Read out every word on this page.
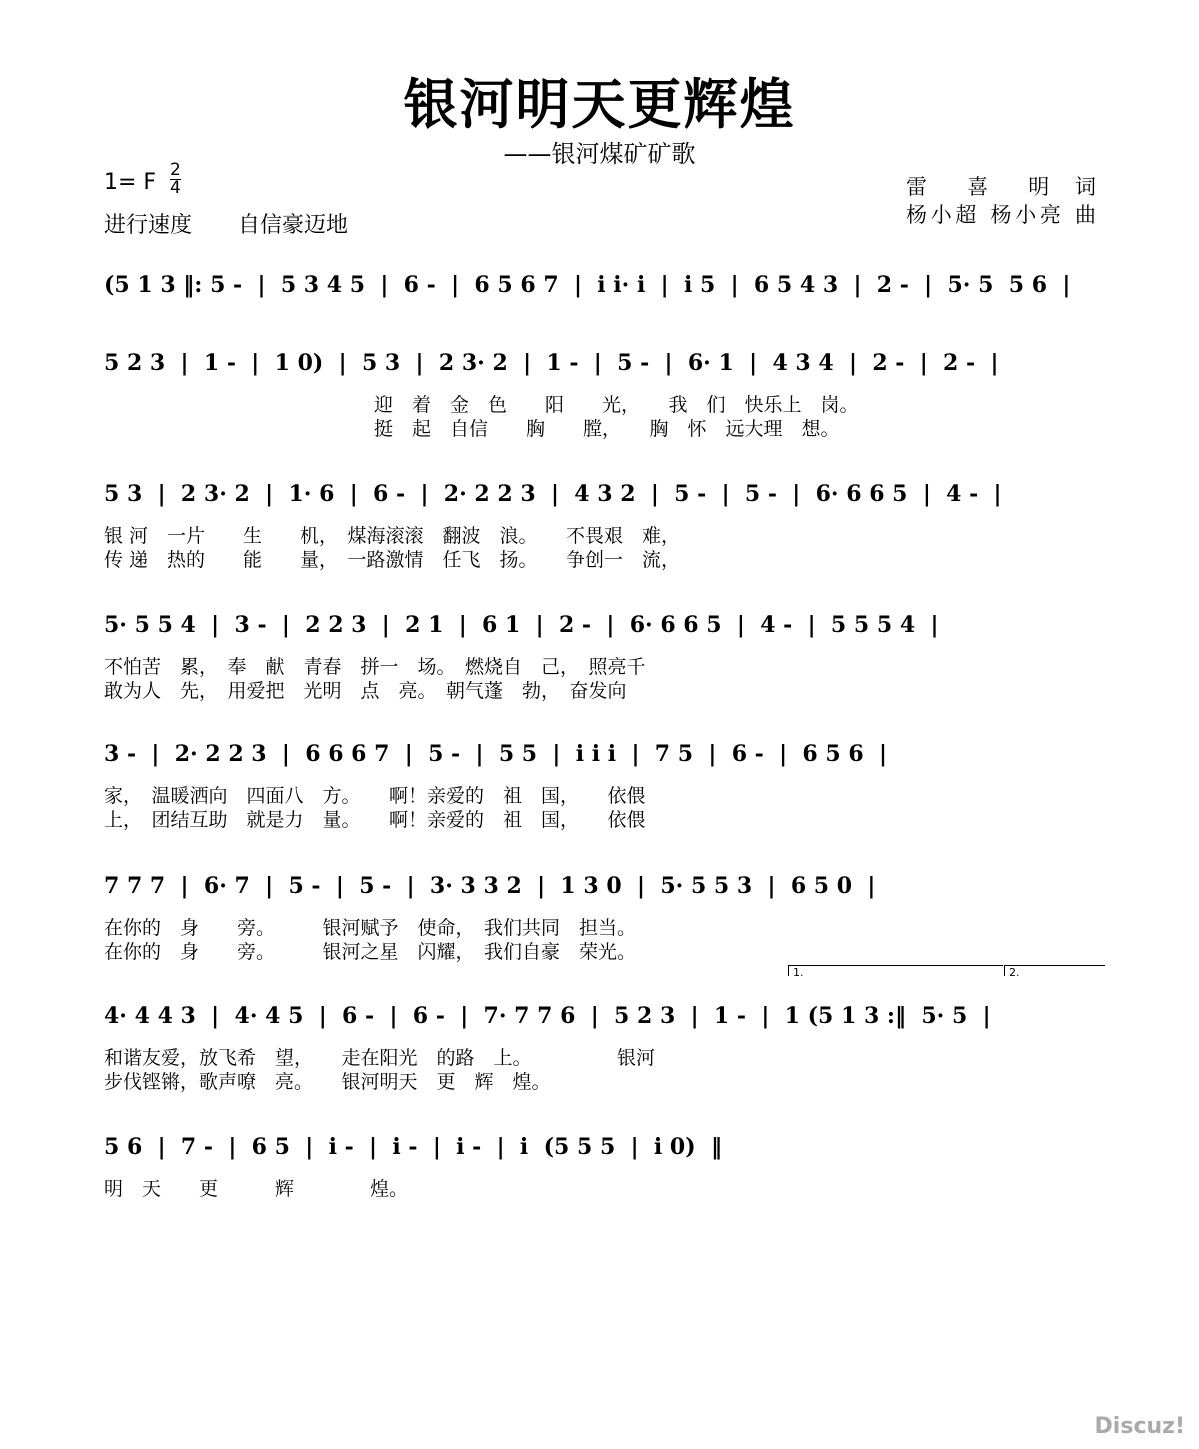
银河明天更辉煌
——银河煤矿矿歌
1= F 2
4
进行速度 自信豪迈地
雷　喜　明 词
杨小超 杨小亮 曲
(5 1 3 ‖: 5 -  |  5 3 4 5  |  6 -  |  6 5 6 7  |  i i· i  |  i 5  |  6 5 4 3  |  2 -  |  5· 5  5 6  |
5 2 3  |  1 -  |  1 0)  |  5 3  |  2 3· 2  |  1 -  |  5 -  |  6· 1  |  4 3 4  |  2 -  |  2 -  |
迎　着　金　色　　阳　　光，　　我　们　快乐上　岗。
挺　起　自信　　胸　　膛，　　胸　怀　远大理　想。
5 3  |  2 3· 2  |  1· 6  |  6 -  |  2· 2 2 3  |  4 3 2  |  5 -  |  5 -  |  6· 6 6 5  |  4 -  |
银 河　一片　　生　　机，　煤海滚滚　翻波　浪。　　不畏艰　难，
传 递　热的　　能　　量，　一路激情　任飞　扬。　　争创一　流，
5· 5 5 4  |  3 -  |  2 2 3  |  2 1  |  6 1  |  2 -  |  6· 6 6 5  |  4 -  |  5 5 5 4  |
不怕苦　累，　奉　献　青春　拼一　场。　燃烧自　己，　照亮千
敢为人　先，　用爱把　光明　点　亮。　朝气蓬　勃，　奋发向
3 -  |  2· 2 2 3  |  6 6 6 7  |  5 -  |  5 5  |  i i i  |  7 5  |  6 -  |  6 5 6  |
家，　温暖洒向　四面八　方。　　啊！亲爱的　祖　国，　　依偎
上，　团结互助　就是力　量。　　啊！亲爱的　祖　国，　　依偎
7 7 7  |  6· 7  |  5 -  |  5 -  |  3· 3 3 2  |  1 3 0  |  5· 5 5 3  |  6 5 0  |
在你的　身　　旁。　　　银河赋予　使命，　我们共同　担当。
在你的　身　　旁。　　　银河之星　闪耀，　我们自豪　荣光。
4· 4 4 3  |  4· 4 5  |  6 -  |  6 -  |  7· 7 7 6  |  5 2 3  |  1 -  |  1 (5 1 3 :‖  5· 5  |
和谐友爱，放飞希　望，　　走在阳光　的路　上。　　　　　银河
步伐铿锵，歌声嘹　亮。　　银河明天　更　辉　煌。
1.	2.
5 6  |  7 -  |  6 5  |  i -  |  i -  |  i -  |  i  (5 5 5  |  i 0)  ‖
明　天　　更　　　辉　　　　煌。
Discuz!
